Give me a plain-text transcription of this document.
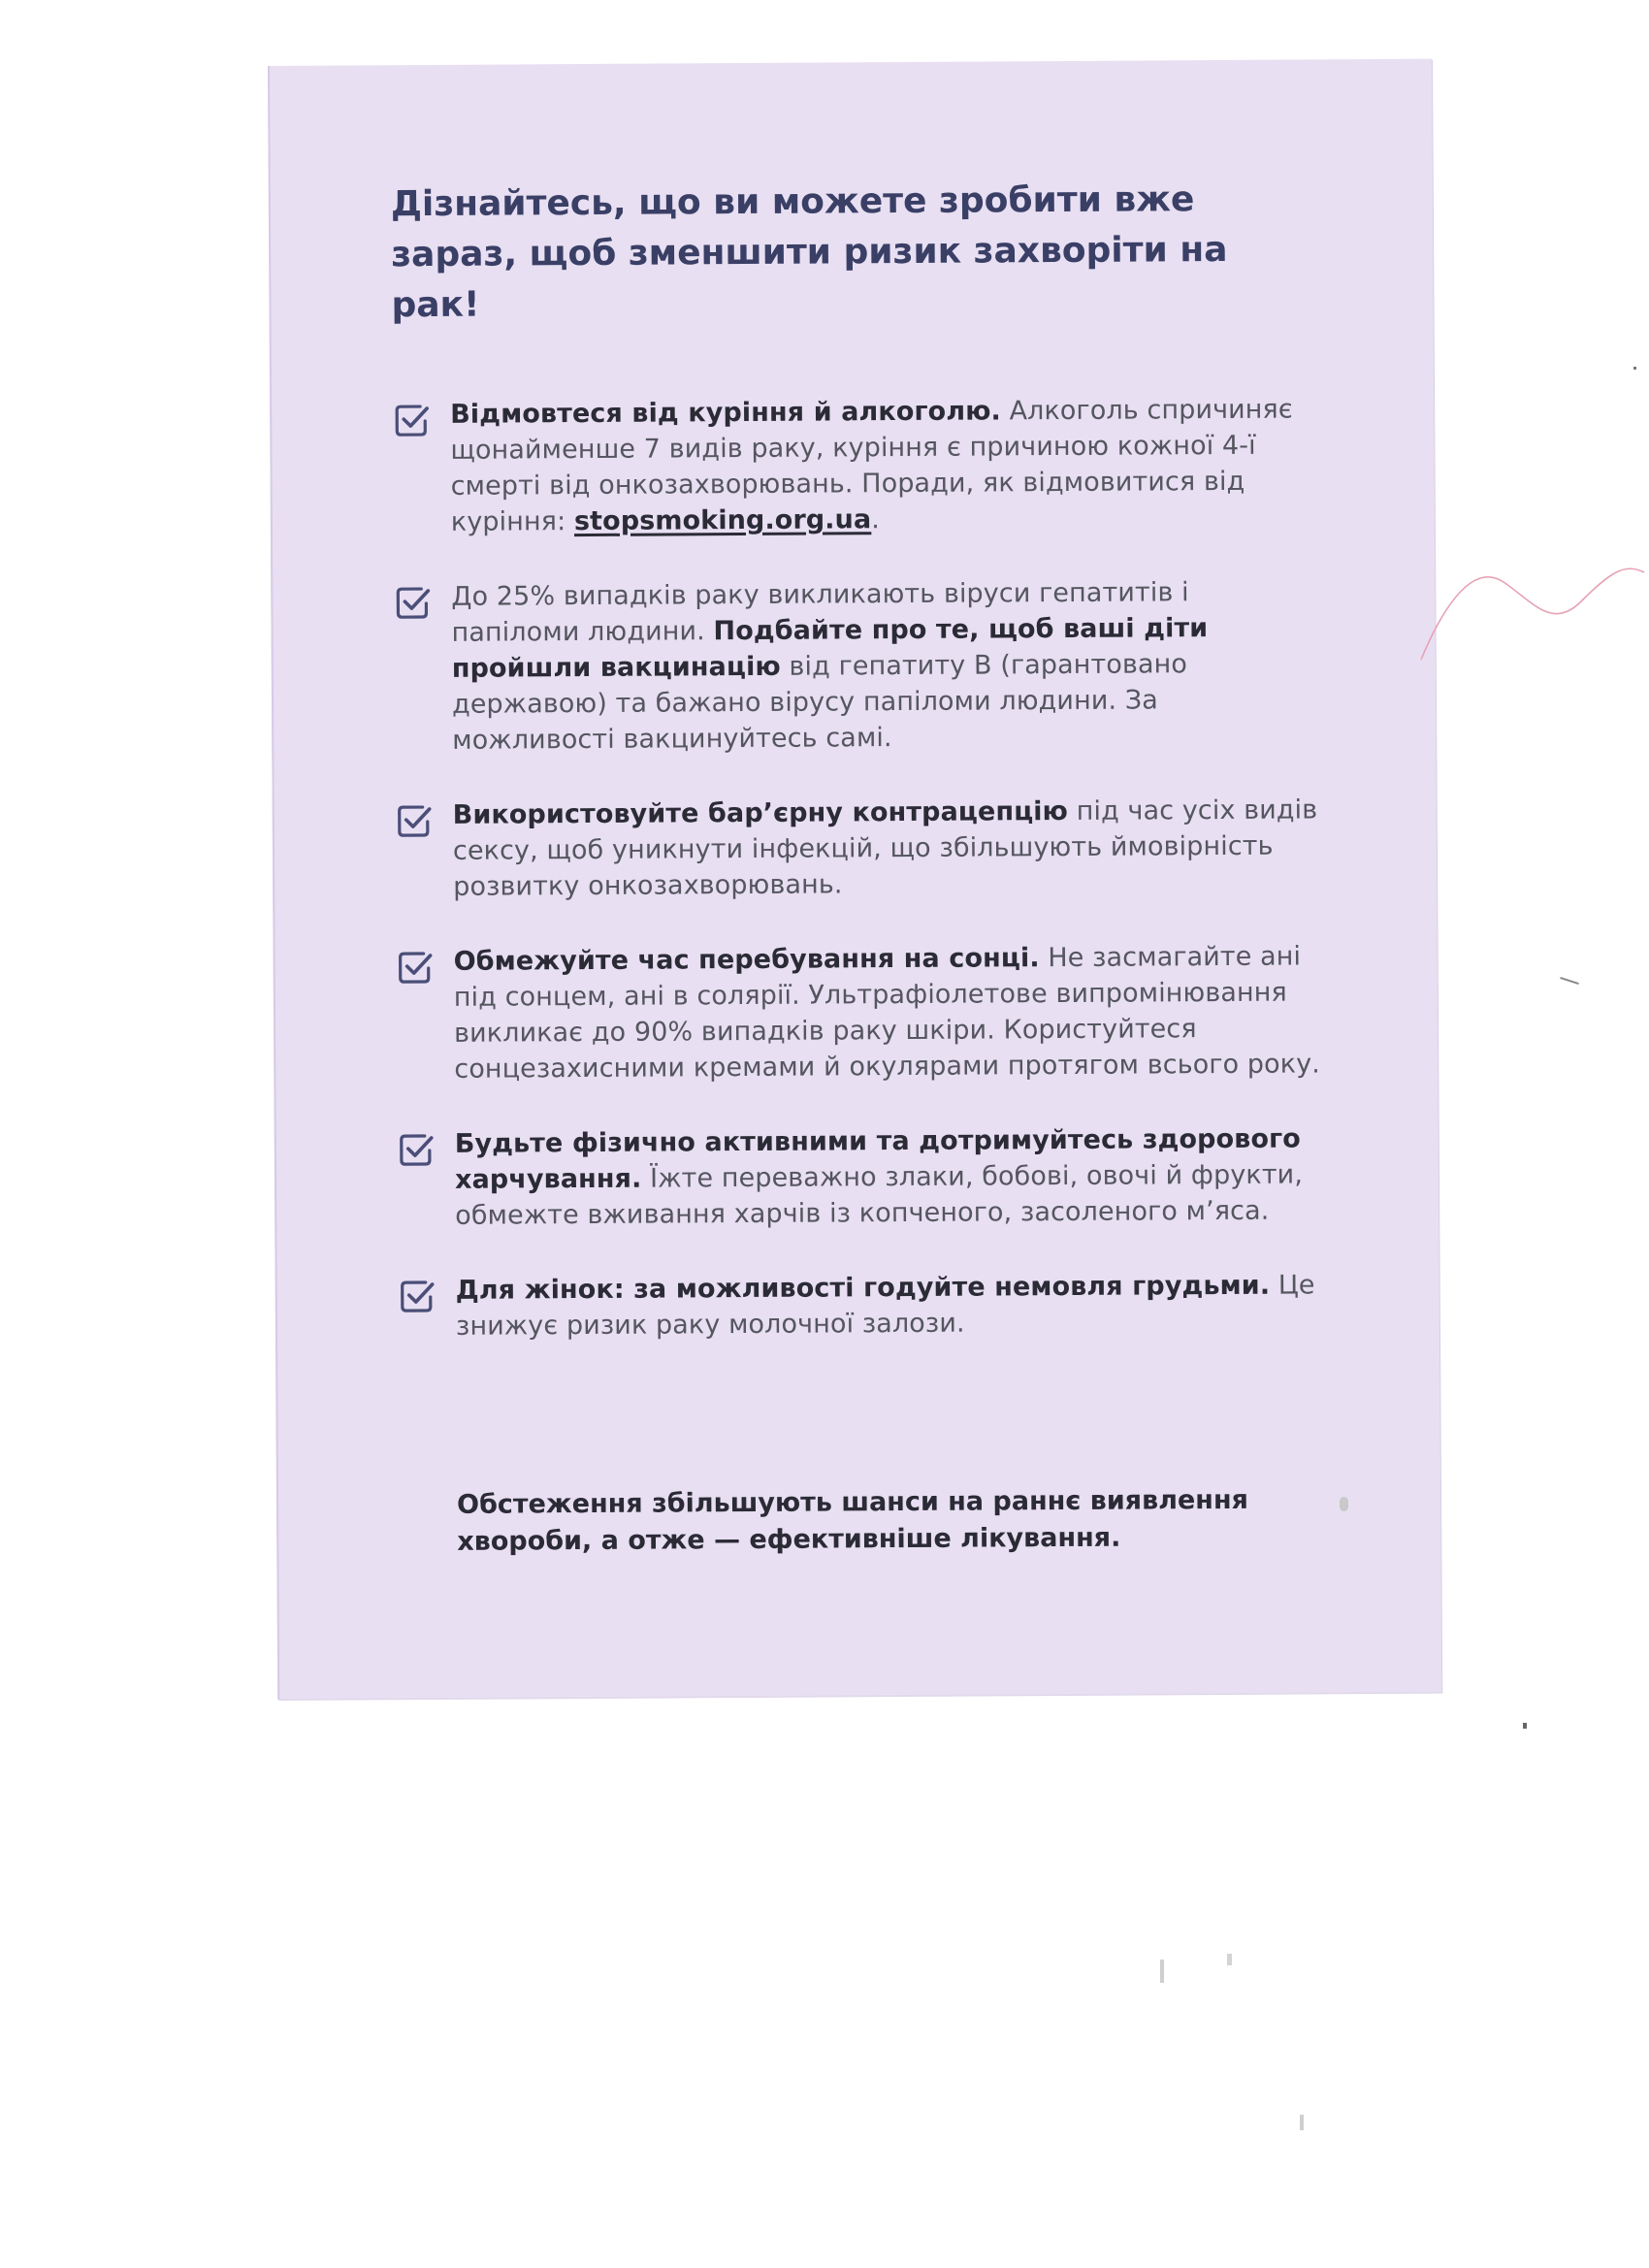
Дізнайтесь, що ви можете зробити вже зараз, щоб зменшити ризик захворіти на рак!
Відмовтеся від куріння й алкоголю. Алкоголь спричиняє щонайменше 7 видів раку, куріння є причиною кожної 4-ї смерті від онкозахворювань. Поради, як відмовитися від куріння: stopsmoking.org.ua.
До 25% випадків раку викликають віруси гепатитів і папіломи людини. Подбайте про те, щоб ваші діти пройшли вакцинацію від гепатиту В (гарантовано державою) та бажано вірусу папіломи людини. За можливості вакцинуйтесь самі.
Використовуйте бар’єрну контрацепцію під час усіх видів сексу, щоб уникнути інфекцій, що збільшують ймовірність розвитку онкозахворювань.
Обмежуйте час перебування на сонці. Не засмагайте ані під сонцем, ані в солярії. Ультрафіолетове випромінювання викликає до 90% випадків раку шкіри. Користуйтеся сонцезахисними кремами й окулярами протягом всього року.
Будьте фізично активними та дотримуйтесь здорового харчування. Їжте переважно злаки, бобові, овочі й фрукти, обмежте вживання харчів із копченого, засоленого м’яса.
Для жінок: за можливості годуйте немовля грудьми. Це знижує ризик раку молочної залози.

Обстеження збільшують шанси на раннє виявлення хвороби, а отже — ефективніше лікування.
